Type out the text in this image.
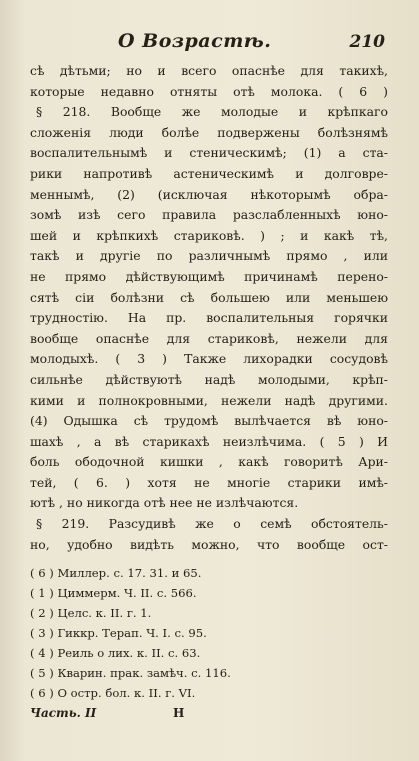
О Возрастѣ.	210
сѣ дѣтьми; но и всего опаснѣе для такихѣ,
которые недавно отняты отѣ молока. ( 6 )
§ 218. Вообще же молодые и крѣпкаго
сложенія люди болѣе подвержены болѣзнямѣ
воспалительнымѣ и стеническимѣ; (1) а ста-
рики напротивѣ астеническимѣ и долговре-
меннымѣ, (2) (исключая нѣкоторымѣ обра-
зомѣ изѣ сего правила разслабленныхѣ юно-
шей и крѣпкихѣ стариковѣ. ) ; и какѣ тѣ,
такѣ и другіе по различнымѣ прямо , или
не прямо дѣйствующимѣ причинамѣ перено-
сятѣ сіи болѣзни сѣ большею или меньшею
трудностію. На пр. воспалительныя горячки
вообще опаснѣе для стариковѣ, нежели для
молодыхѣ. ( 3 ) Также лихорадки сосудовѣ
сильнѣе дѣйствуютѣ надѣ молодыми, крѣп-
кими и полнокровными, нежели надѣ другими.
(4) Одышка сѣ трудомѣ вылѣчается вѣ юно-
шахѣ , а вѣ старикахѣ неизлѣчима. ( 5 ) И
боль ободочной кишки , какѣ говоритѣ Ари-
тей, ( 6. ) хотя не многіе старики имѣ-
ютѣ , но никогда отѣ нее не излѣчаются.
§ 219. Разсудивѣ же о семѣ обстоятель-
но, удобно видѣть можно, что вообще ост-
( 6 ) Миллер. с. 17. 31. и 65.
( 1 ) Циммерм. Ч. II. с. 566.
( 2 ) Целс. к. II. г. 1.
( 3 ) Гиккр. Терап. Ч. I. с. 95.
( 4 ) Реиль о лих. к. II. с. 63.
( 5 ) Кварин. прак. замѣч. с. 116.
( 6 ) О остр. бол. к. II. г. VI.
Часть. II	Н
